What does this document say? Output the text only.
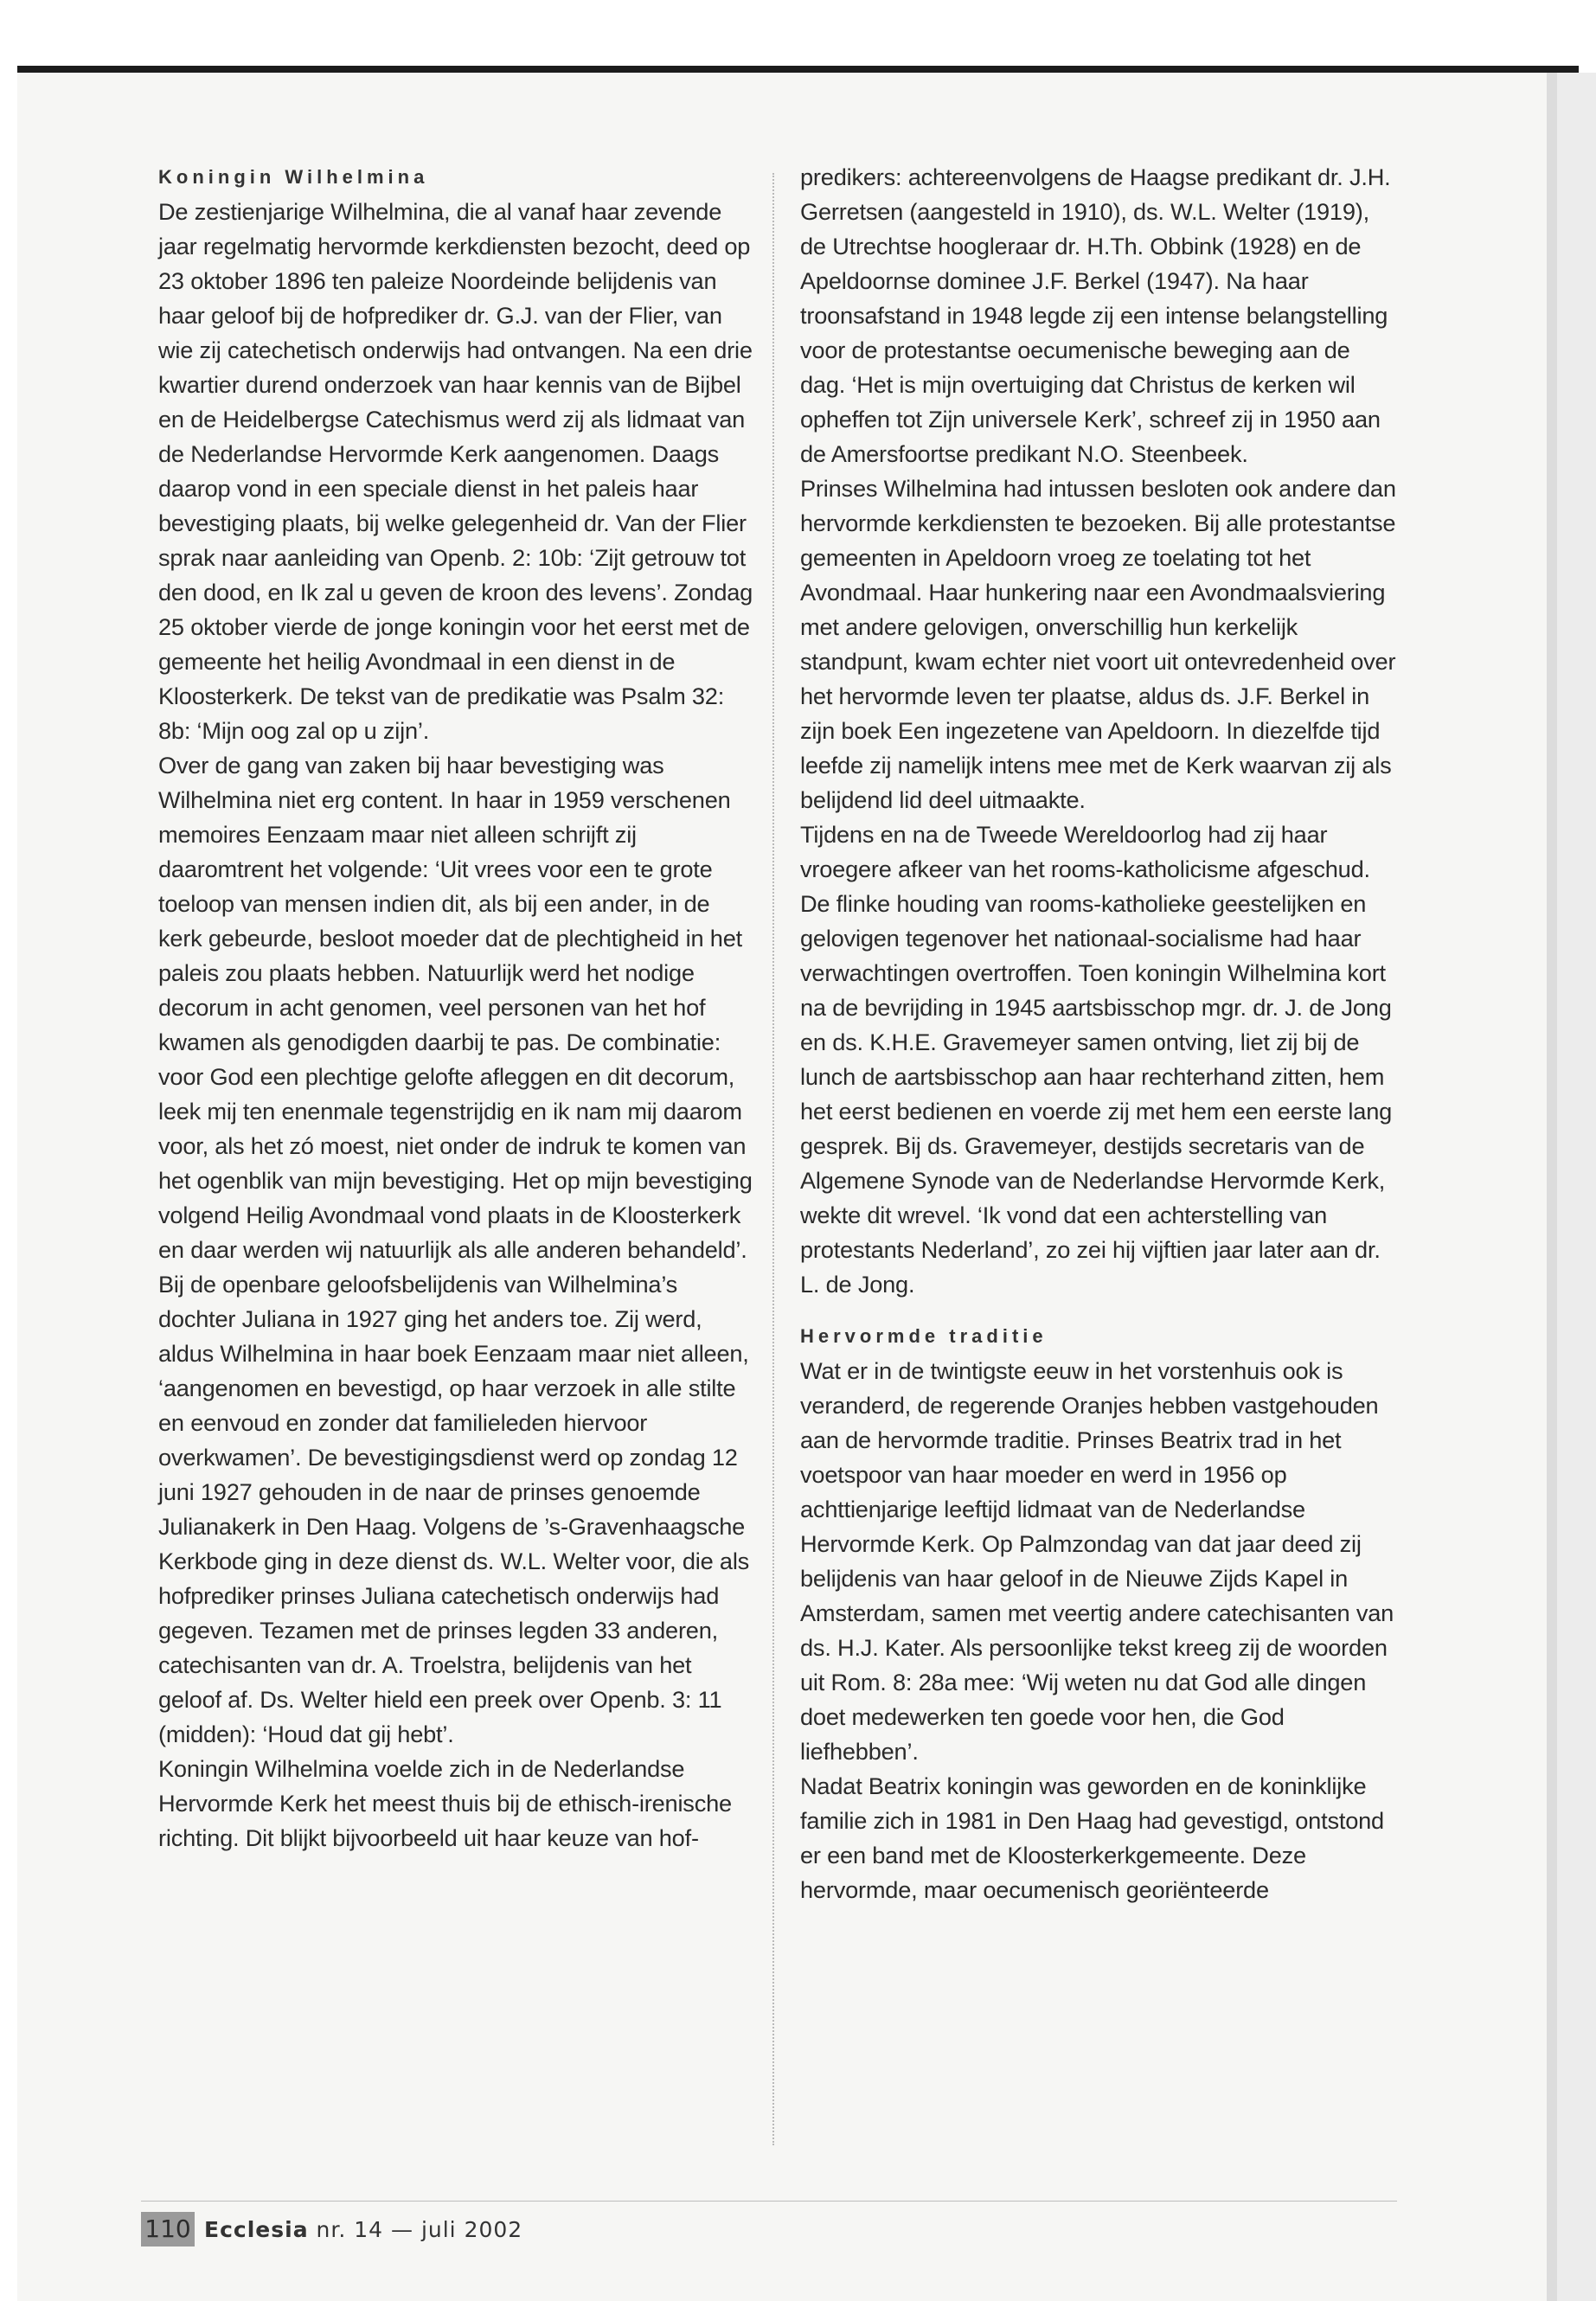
Koningin Wilhelmina

De zestienjarige Wilhelmina, die al vanaf haar zevende jaar regelmatig hervormde kerkdiensten bezocht, deed op 23 oktober 1896 ten paleize Noordeinde belijdenis van haar geloof bij de hofprediker dr. G.J. van der Flier, van wie zij catechetisch onderwijs had ontvangen. Na een drie kwartier durend onderzoek van haar kennis van de Bijbel en de Heidelbergse Catechismus werd zij als lidmaat van de Nederlandse Hervormde Kerk aangenomen. Daags daarop vond in een speciale dienst in het paleis haar bevestiging plaats, bij welke gelegenheid dr. Van der Flier sprak naar aanleiding van Openb. 2: 10b: ‘Zijt getrouw tot den dood, en Ik zal u geven de kroon des levens’. Zondag 25 oktober vierde de jonge koningin voor het eerst met de gemeente het heilig Avondmaal in een dienst in de Kloosterkerk. De tekst van de predikatie was Psalm 32: 8b: ‘Mijn oog zal op u zijn’.

Over de gang van zaken bij haar bevestiging was Wilhelmina niet erg content. In haar in 1959 verschenen memoires Eenzaam maar niet alleen schrijft zij daaromtrent het volgende: ‘Uit vrees voor een te grote toeloop van mensen indien dit, als bij een ander, in de kerk gebeurde, besloot moeder dat de plechtigheid in het paleis zou plaats hebben. Natuurlijk werd het nodige decorum in acht genomen, veel personen van het hof kwamen als genodigden daarbij te pas. De combinatie: voor God een plechtige gelofte afleggen en dit decorum, leek mij ten enenmale tegenstrijdig en ik nam mij daarom voor, als het zó moest, niet onder de indruk te komen van het ogenblik van mijn bevestiging. Het op mijn bevestiging volgend Heilig Avondmaal vond plaats in de Kloosterkerk en daar werden wij natuurlijk als alle anderen behandeld’.

Bij de openbare geloofsbelijdenis van Wilhelmina’s dochter Juliana in 1927 ging het anders toe. Zij werd, aldus Wilhelmina in haar boek Eenzaam maar niet alleen, ‘aangenomen en bevestigd, op haar verzoek in alle stilte en eenvoud en zonder dat familieleden hiervoor overkwamen’. De bevestigingsdienst werd op zondag 12 juni 1927 gehouden in de naar de prinses genoemde Julianakerk in Den Haag. Volgens de ’s-Gravenhaagsche Kerkbode ging in deze dienst ds. W.L. Welter voor, die als hofprediker prinses Juliana catechetisch onderwijs had gegeven. Tezamen met de prinses legden 33 anderen, catechisanten van dr. A. Troelstra, belijdenis van het geloof af. Ds. Welter hield een preek over Openb. 3: 11 (midden): ‘Houd dat gij hebt’.

Koningin Wilhelmina voelde zich in de Nederlandse Hervormde Kerk het meest thuis bij de ethisch-irenische richting. Dit blijkt bijvoorbeeld uit haar keuze van hof-

predikers: achtereenvolgens de Haagse predikant dr. J.H. Gerretsen (aangesteld in 1910), ds. W.L. Welter (1919), de Utrechtse hoogleraar dr. H.Th. Obbink (1928) en de Apeldoornse dominee J.F. Berkel (1947). Na haar troonsafstand in 1948 legde zij een intense belangstelling voor de protestantse oecumenische beweging aan de dag. ‘Het is mijn overtuiging dat Christus de kerken wil opheffen tot Zijn universele Kerk’, schreef zij in 1950 aan de Amersfoortse predikant N.O. Steenbeek.

Prinses Wilhelmina had intussen besloten ook andere dan hervormde kerkdiensten te bezoeken. Bij alle protestantse gemeenten in Apeldoorn vroeg ze toelating tot het Avondmaal. Haar hunkering naar een Avondmaalsviering met andere gelovigen, onverschillig hun kerkelijk standpunt, kwam echter niet voort uit ontevredenheid over het hervormde leven ter plaatse, aldus ds. J.F. Berkel in zijn boek Een ingezetene van Apeldoorn. In diezelfde tijd leefde zij namelijk intens mee met de Kerk waarvan zij als belijdend lid deel uitmaakte.

Tijdens en na de Tweede Wereldoorlog had zij haar vroegere afkeer van het rooms-katholicisme afgeschud. De flinke houding van rooms-katholieke geestelijken en gelovigen tegenover het nationaal-socialisme had haar verwachtingen overtroffen. Toen koningin Wilhelmina kort na de bevrijding in 1945 aartsbisschop mgr. dr. J. de Jong en ds. K.H.E. Gravemeyer samen ontving, liet zij bij de lunch de aartsbisschop aan haar rechterhand zitten, hem het eerst bedienen en voerde zij met hem een eerste lang gesprek. Bij ds. Gravemeyer, destijds secretaris van de Algemene Synode van de Nederlandse Hervormde Kerk, wekte dit wrevel. ‘Ik vond dat een achterstelling van protestants Nederland’, zo zei hij vijftien jaar later aan dr. L. de Jong.

Hervormde traditie

Wat er in de twintigste eeuw in het vorstenhuis ook is veranderd, de regerende Oranjes hebben vastgehouden aan de hervormde traditie. Prinses Beatrix trad in het voetspoor van haar moeder en werd in 1956 op achttienjarige leeftijd lidmaat van de Nederlandse Hervormde Kerk. Op Palmzondag van dat jaar deed zij belijdenis van haar geloof in de Nieuwe Zijds Kapel in Amsterdam, samen met veertig andere catechisanten van ds. H.J. Kater. Als persoonlijke tekst kreeg zij de woorden uit Rom. 8: 28a mee: ‘Wij weten nu dat God alle dingen doet medewerken ten goede voor hen, die God liefhebben’.

Nadat Beatrix koningin was geworden en de koninklijke familie zich in 1981 in Den Haag had gevestigd, ontstond er een band met de Kloosterkerkgemeente. Deze hervormde, maar oecumenisch georiënteerde

110 Ecclesia nr. 14 — juli 2002
